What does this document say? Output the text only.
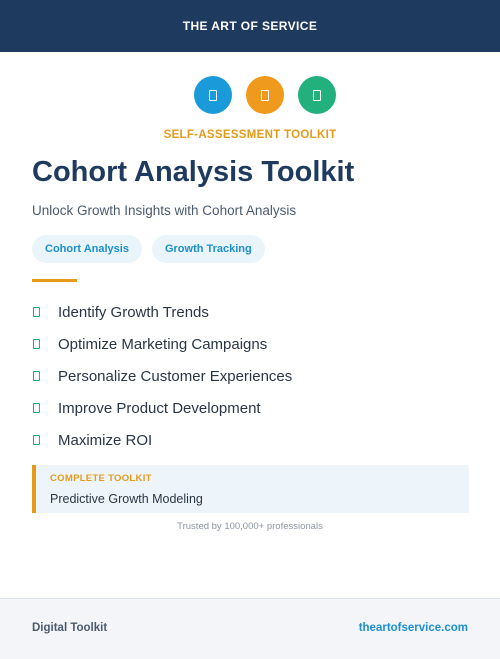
THE ART OF SERVICE
SELF-ASSESSMENT TOOLKIT
Cohort Analysis Toolkit
Unlock Growth Insights with Cohort Analysis
Cohort Analysis	Growth Tracking
Identify Growth Trends
Optimize Marketing Campaigns
Personalize Customer Experiences
Improve Product Development
Maximize ROI
COMPLETE TOOLKIT
Predictive Growth Modeling
Trusted by 100,000+ professionals
Digital Toolkit	theartofservice.com
